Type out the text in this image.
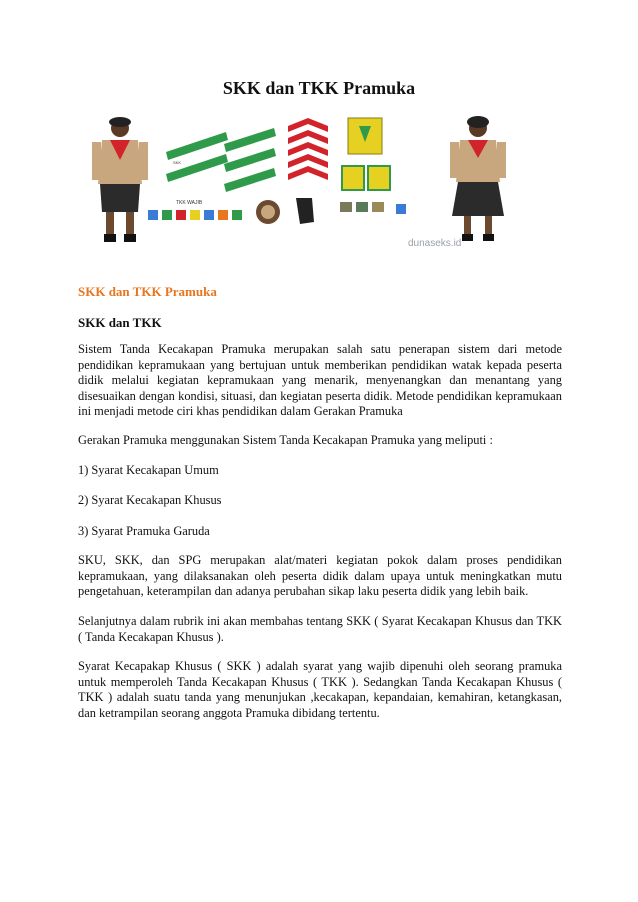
SKK dan TKK Pramuka
SKK
TKK WAJIB
dunaseks.id
SKK dan TKK Pramuka
SKK dan TKK

Sistem Tanda Kecakapan Pramuka merupakan salah satu penerapan sistem dari metode pendidikan kepramukaan yang bertujuan untuk memberikan pendidikan watak kepada peserta didik melalui kegiatan kepramukaan yang menarik, menyenangkan dan menantang yang disesuaikan dengan kondisi, situasi, dan kegiatan peserta didik. Metode pendidikan kepramukaan ini menjadi metode ciri khas pendidikan dalam Gerakan Pramuka

Gerakan Pramuka menggunakan Sistem Tanda Kecakapan Pramuka yang meliputi :

1) Syarat Kecakapan Umum

2) Syarat Kecakapan Khusus

3) Syarat Pramuka Garuda

SKU, SKK, dan SPG merupakan alat/materi kegiatan pokok dalam proses pendidikan kepramukaan, yang dilaksanakan oleh peserta didik dalam upaya untuk meningkatkan mutu pengetahuan, keterampilan dan adanya perubahan sikap laku peserta didik yang lebih baik.

Selanjutnya dalam rubrik ini akan membahas tentang SKK ( Syarat Kecakapan Khusus dan TKK ( Tanda Kecakapan Khusus ).

Syarat Kecapakap Khusus ( SKK ) adalah syarat yang wajib dipenuhi oleh seorang pramuka untuk memperoleh Tanda Kecakapan Khusus ( TKK ). Sedangkan Tanda Kecakapan Khusus ( TKK ) adalah suatu tanda yang menunjukan ,kecakapan, kepandaian, kemahiran, ketangkasan, dan ketrampilan seorang anggota Pramuka dibidang tertentu.
